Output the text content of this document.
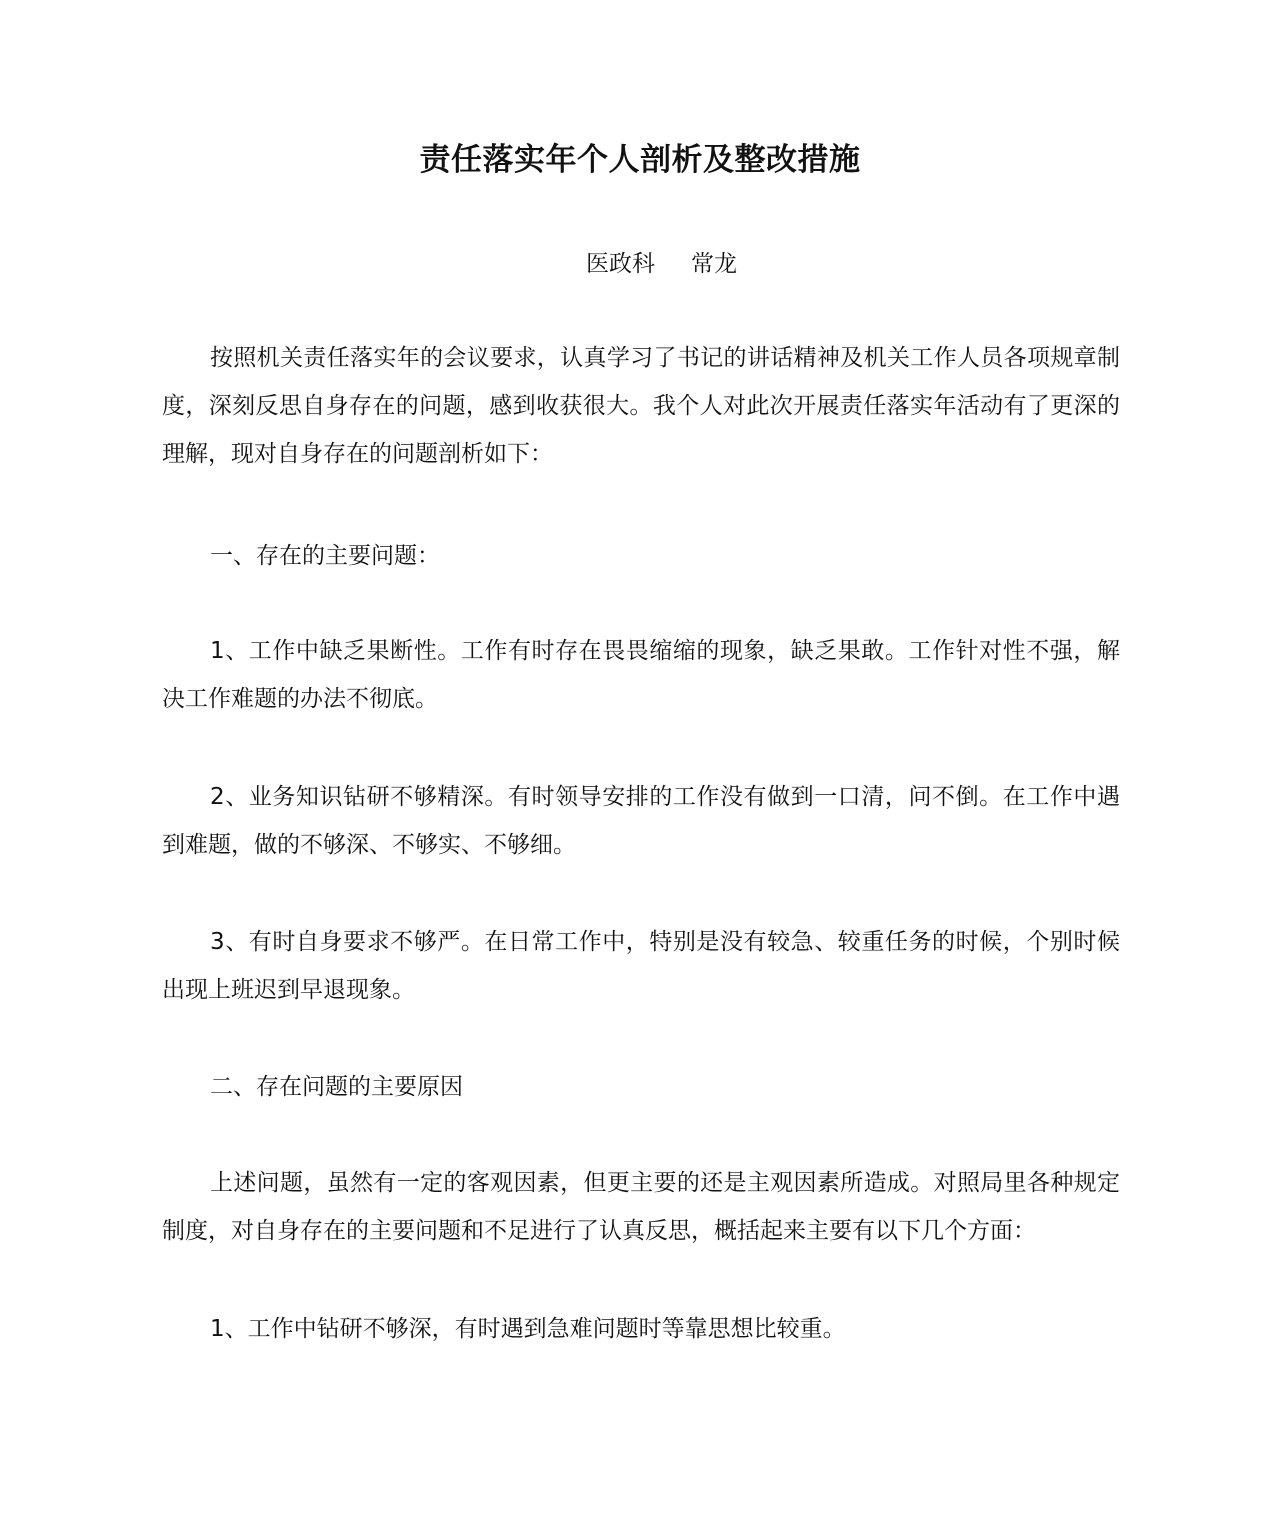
责任落实年个人剖析及整改措施
医政科 常龙

按照机关责任落实年的会议要求，认真学习了书记的讲话精神及机关工作人员各项规章制度，深刻反思自身存在的问题，感到收获很大。我个人对此次开展责任落实年活动有了更深的理解，现对自身存在的问题剖析如下：

一、存在的主要问题：

1、工作中缺乏果断性。工作有时存在畏畏缩缩的现象，缺乏果敢。工作针对性不强，解决工作难题的办法不彻底。

2、业务知识钻研不够精深。有时领导安排的工作没有做到一口清，问不倒。在工作中遇到难题，做的不够深、不够实、不够细。

3、有时自身要求不够严。在日常工作中，特别是没有较急、较重任务的时候，个别时候出现上班迟到早退现象。

二、存在问题的主要原因

上述问题，虽然有一定的客观因素，但更主要的还是主观因素所造成。对照局里各种规定制度，对自身存在的主要问题和不足进行了认真反思，概括起来主要有以下几个方面：

1、工作中钻研不够深，有时遇到急难问题时等靠思想比较重。
